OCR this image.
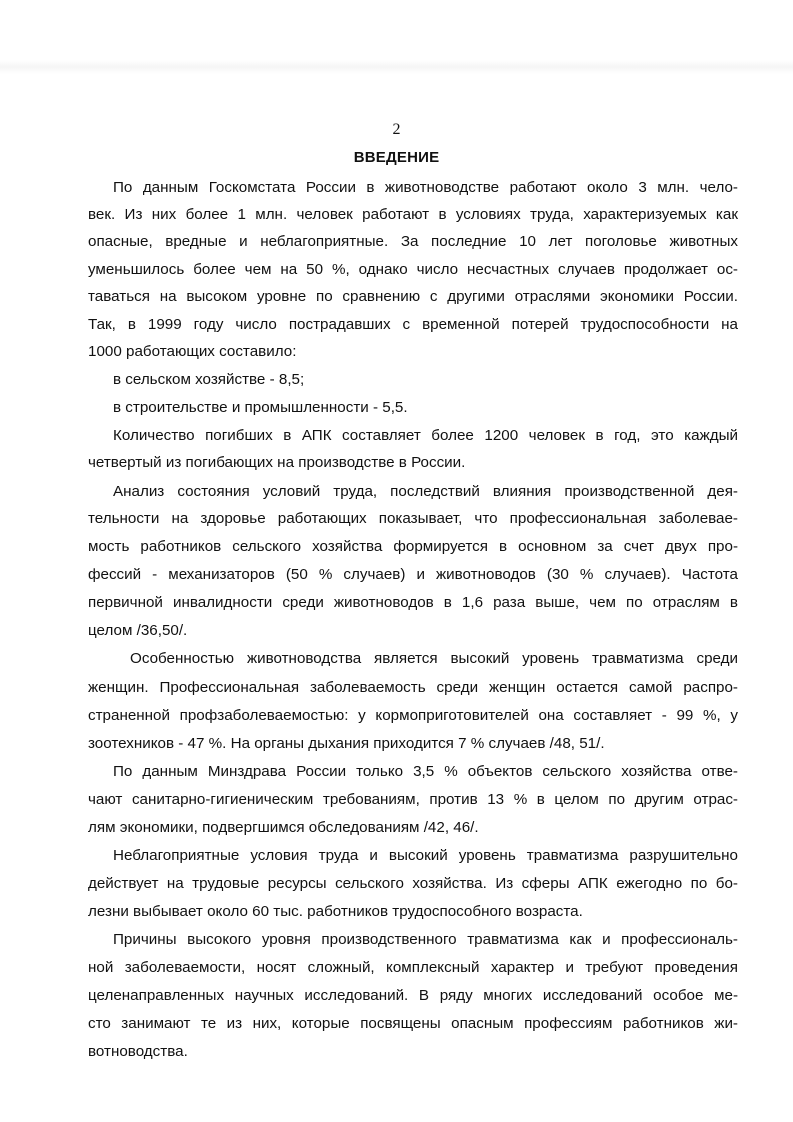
2
ВВЕДЕНИЕ
По данным Госкомстата России в животноводстве работают около 3 млн. чело-
век. Из них более 1 млн. человек работают в условиях труда, характеризуемых как
опасные, вредные и неблагоприятные. За последние 10 лет поголовье животных
уменьшилось более чем на 50 %, однако число несчастных случаев продолжает ос-
таваться на высоком уровне по сравнению с другими отраслями экономики России.
Так, в 1999 году число пострадавших с временной потерей трудоспособности на
1000 работающих составило:
в сельском хозяйстве - 8,5;
в строительстве и промышленности - 5,5.
Количество погибших в АПК составляет более 1200 человек в год, это каждый
четвертый из погибающих на производстве в России.
Анализ состояния условий труда, последствий влияния производственной дея-
тельности на здоровье работающих показывает, что профессиональная заболевае-
мость работников сельского хозяйства формируется в основном за счет двух про-
фессий - механизаторов (50 % случаев) и животноводов (30 % случаев). Частота
первичной инвалидности среди животноводов в 1,6 раза выше, чем по отраслям в
целом /36,50/.
Особенностью животноводства является высокий уровень травматизма среди
женщин. Профессиональная заболеваемость среди женщин остается самой распро-
страненной профзаболеваемостью: у кормоприготовителей она составляет - 99 %, у
зоотехников - 47 %. На органы дыхания приходится 7 % случаев /48, 51/.
По данным Минздрава России только 3,5 % объектов сельского хозяйства отве-
чают санитарно-гигиеническим требованиям, против 13 % в целом по другим отрас-
лям экономики, подвергшимся обследованиям /42, 46/.
Неблагоприятные условия труда и высокий уровень травматизма разрушительно
действует на трудовые ресурсы сельского хозяйства. Из сферы АПК ежегодно по бо-
лезни выбывает около 60 тыс. работников трудоспособного возраста.
Причины высокого уровня производственного травматизма как и профессиональ-
ной заболеваемости, носят сложный, комплексный характер и требуют проведения
целенаправленных научных исследований. В ряду многих исследований особое ме-
сто занимают те из них, которые посвящены опасным профессиям работников жи-
вотноводства.
